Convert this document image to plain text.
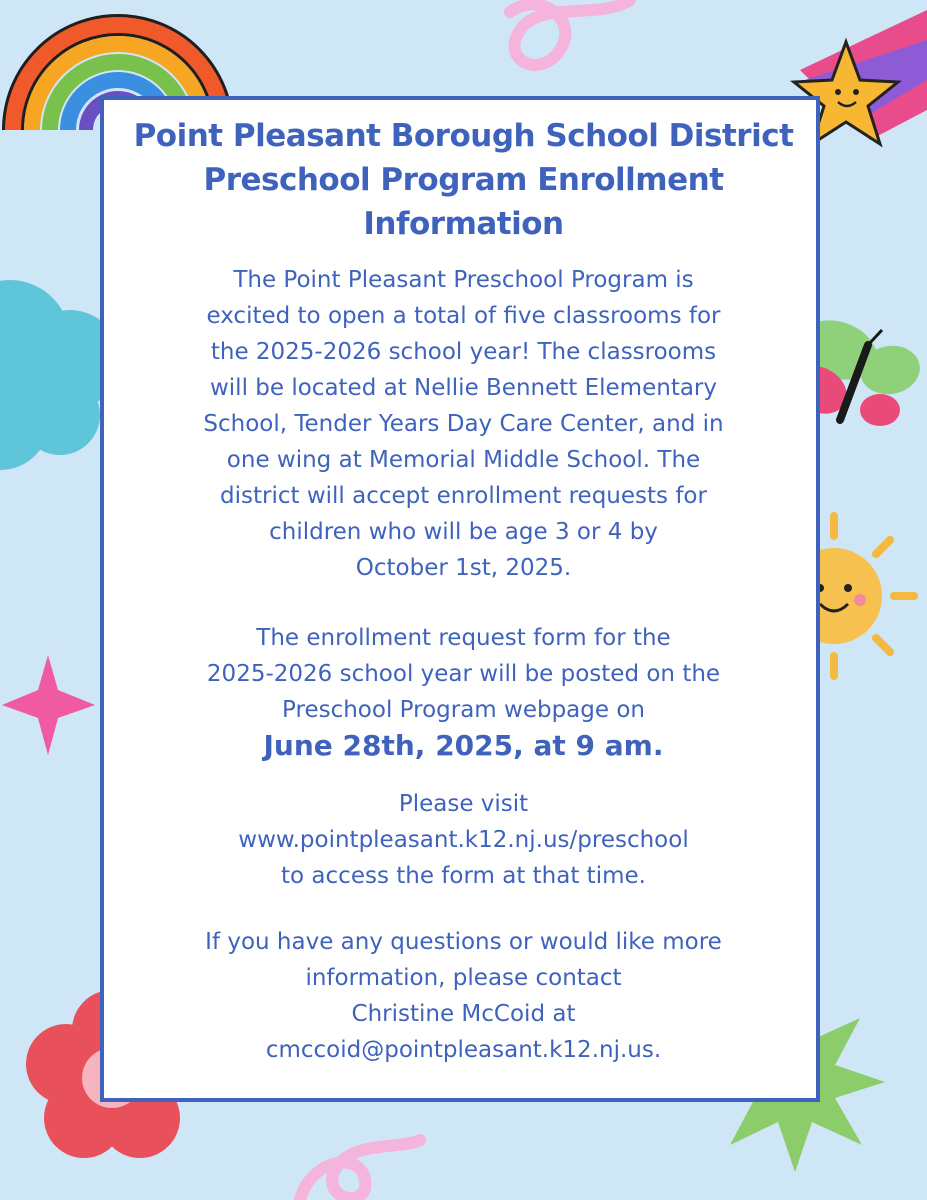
Point Pleasant Borough School District
Preschool Program Enrollment
Information

The Point Pleasant Preschool Program is
excited to open a total of five classrooms for
the 2025-2026 school year! The classrooms
will be located at Nellie Bennett Elementary
School, Tender Years Day Care Center, and in
one wing at Memorial Middle School. The
district will accept enrollment requests for
children who will be age 3 or 4 by
October 1st, 2025.

The enrollment request form for the
2025-2026 school year will be posted on the
Preschool Program webpage on
June 28th, 2025, at 9 am.

Please visit
www.pointpleasant.k12.nj.us/preschool
to access the form at that time.

If you have any questions or would like more
information, please contact
Christine McCoid at
cmccoid@pointpleasant.k12.nj.us.
